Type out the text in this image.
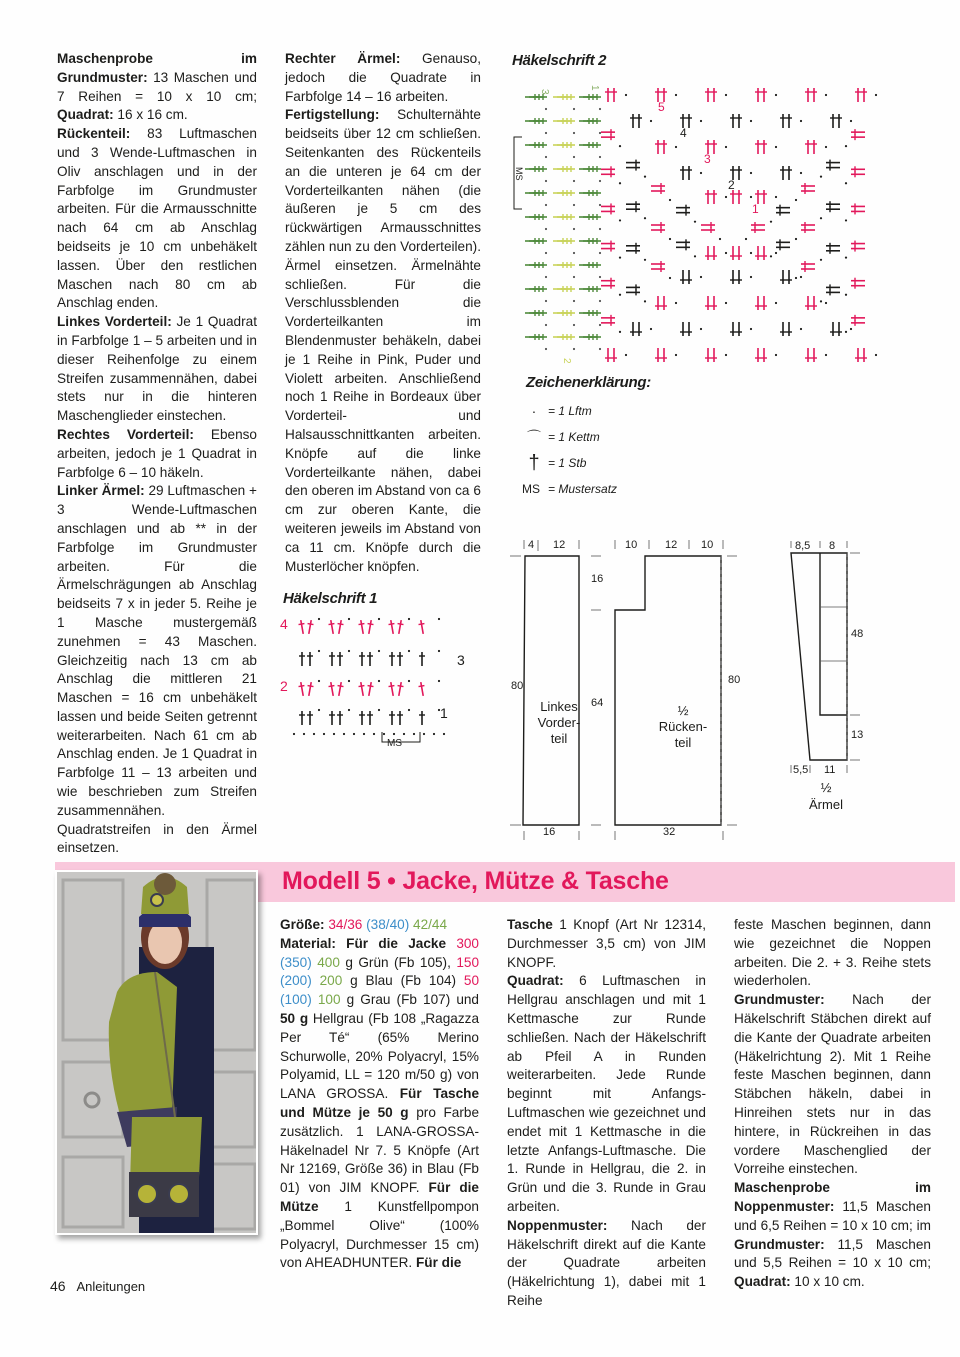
Maschenprobe im Grundmuster: 13 Maschen und 7 Reihen = 10 x 10 cm; Quadrat: 16 x 16 cm.

Rückenteil: 83 Luftmaschen und 3 Wende-Luftmaschen in Oliv anschlagen und in der Farbfolge im Grundmuster arbeiten. Für die Armausschnitte nach 64 cm ab Anschlag beidseits je 10 cm unbehäkelt lassen. Über den restlichen Maschen nach 80 cm ab Anschlag enden.

Linkes Vorderteil: Je 1 Quadrat in Farbfolge 1 – 5 arbeiten und in dieser Reihenfolge zu einem Streifen zusammennähen, dabei stets nur in die hinteren Maschenglieder einstechen.

Rechtes Vorderteil: Ebenso arbeiten, jedoch je 1 Quadrat in Farbfolge 6 – 10 häkeln.

Linker Ärmel: 29 Luftmaschen + 3 Wende-Luftmaschen anschlagen und ab ** in der Farbfolge im Grundmuster arbeiten. Für die Ärmelschrägungen ab Anschlag beidseits 7 x in jeder 5. Reihe je 1 Masche mustergemäß zunehmen = 43 Maschen. Gleichzeitig nach 13 cm ab Anschlag die mittleren 21 Maschen = 16 cm unbehäkelt lassen und beide Seiten getrennt weiterarbeiten. Nach 61 cm ab Anschlag enden. Je 1 Quadrat in Farbfolge 11 – 13 arbeiten und wie beschrieben zum Streifen zusammennähen. Quadratstreifen in den Ärmel einsetzen.

Rechter Ärmel: Genauso, jedoch die Quadrate in Farbfolge 14 – 16 arbeiten.

Fertigstellung: Schulternähte beidseits über 12 cm schließen. Seitenkanten des Rückenteils an die unteren je 64 cm der Vorderteilkanten nähen (die äußeren je 5 cm des rückwärtigen Armausschnittes zählen nun zu den Vorderteilen). Ärmel einsetzen. Ärmelnähte schließen. Für die Verschlussblenden die Vorderteilkanten im Blendenmuster behäkeln, dabei je 1 Reihe in Pink, Puder und Violett arbeiten. Anschließend noch 1 Reihe in Bordeaux über Vorderteil- und Halsausschnittkanten arbeiten. Knöpfe auf die linke Vorderteilkante nähen, dabei den oberen im Abstand von ca 6 cm zur oberen Kante, die weiteren jeweils im Abstand von ca 11 cm. Knöpfe durch die Musterlöcher knöpfen.

Häkelschrift 1
4
3
2
1
MS
Häkelschrift 2
3
1
2
MS
5
4
3
2
1
Zeichenerklärung:
· = 1 Lftm
⌒ = 1 Kettm
† = 1 Stb
MS = Mustersatz
4 12
80
16
Linkes
Vorder-
teil
10	12 10
16
64
80
32
½
Rücken-
teil
8,5 8
48
13
5,5 11
½
Ärmel
Modell 5 • Jacke, Mütze & Tasche

Größe: 34/36 (38/40) 42/44

Material: Für die Jacke 300 (350) 400 g Grün (Fb 105), 150 (200) 200 g Blau (Fb 104) 50 (100) 100 g Grau (Fb 107) und 50 g Hellgrau (Fb 108 „Ragazza Per Té“ (65% Merino Schurwolle, 20% Polyacryl, 15% Polyamid, LL = 120 m/50 g) von LANA GROSSA. Für Tasche und Mütze je 50 g pro Farbe zusätzlich. 1 LANA-GROSSA-Häkelnadel Nr 7. 5 Knöpfe (Art Nr 12169, Größe 36) in Blau (Fb 01) von JIM KNOPF. Für die Mütze 1 Kunstfellpompon „Bommel Olive“ (100% Polyacryl, Durchmesser 15 cm) von AHEADHUNTER. Für die

Tasche 1 Knopf (Art Nr 12314, Durchmesser 3,5 cm) von JIM KNOPF.

Quadrat: 6 Luftmaschen in Hellgrau anschlagen und mit 1 Kettmasche zur Runde schließen. Nach der Häkelschrift ab Pfeil A in Runden weiterarbeiten. Jede Runde beginnt mit Anfangs-Luftmaschen wie gezeichnet und endet mit 1 Kettmasche in die letzte Anfangs-Luftmasche. Die 1. Runde in Hellgrau, die 2. in Grün und die 3. Runde in Grau arbeiten.

Noppenmuster: Nach der Häkelschrift direkt auf die Kante der Quadrate arbeiten (Häkelrichtung 1), dabei mit 1 Reihe

feste Maschen beginnen, dann wie gezeichnet die Noppen arbeiten. Die 2. + 3. Reihe stets wiederholen.

Grundmuster: Nach der Häkelschrift Stäbchen direkt auf die Kante der Quadrate arbeiten (Häkelrichtung 2). Mit 1 Reihe feste Maschen beginnen, dann Stäbchen häkeln, dabei in Hinreihen stets nur in das hintere, in Rückreihen in das vordere Maschenglied der Vorreihe einstechen.

Maschenprobe im Noppenmuster: 11,5 Maschen und 6,5 Reihen = 10 x 10 cm; im Grundmuster: 11,5 Maschen und 5,5 Reihen = 10 x 10 cm; Quadrat: 10 x 10 cm.

46 Anleitungen
